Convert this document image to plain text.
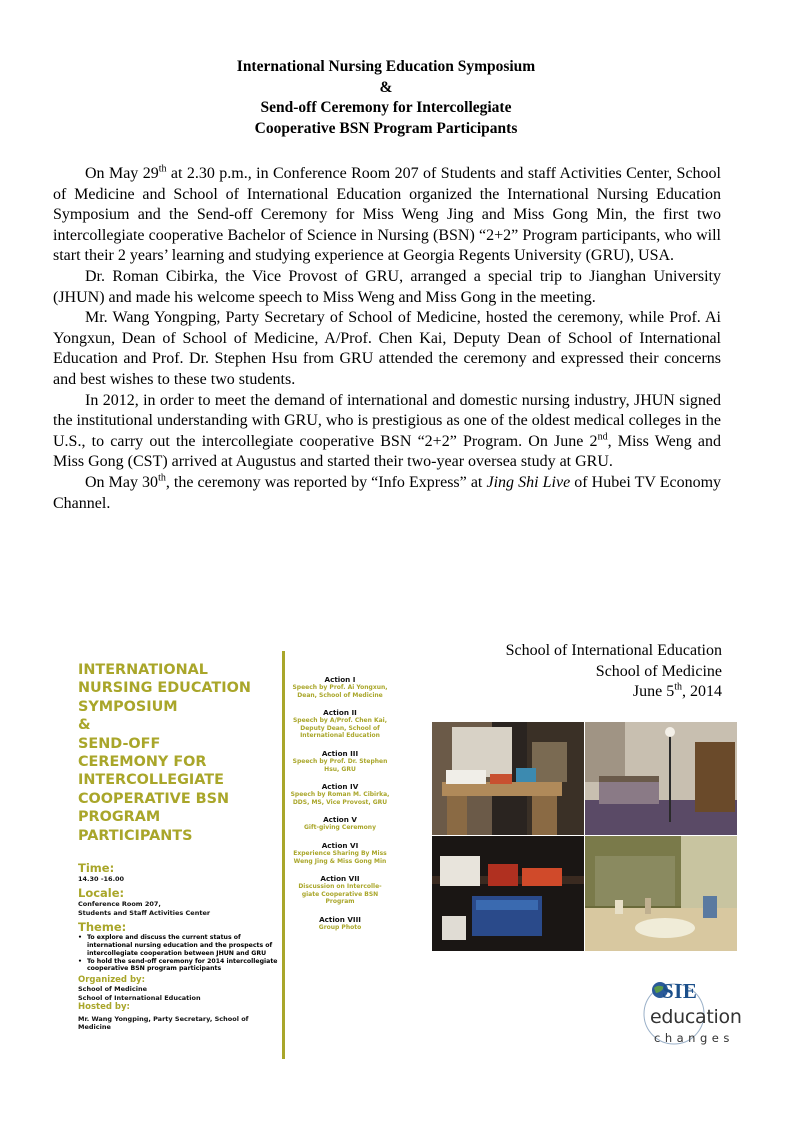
International Nursing Education Symposium
&
Send-off Ceremony for Intercollegiate
Cooperative BSN Program Participants

On May 29th at 2.30 p.m., in Conference Room 207 of Students and staff Activities Center, School of Medicine and School of International Education organized the International Nursing Education Symposium and the Send-off Ceremony for Miss Weng Jing and Miss Gong Min, the first two intercollegiate cooperative Bachelor of Science in Nursing (BSN) “2+2” Program participants, who will start their 2 years’ learning and studying experience at Georgia Regents University (GRU), USA.

Dr. Roman Cibirka, the Vice Provost of GRU, arranged a special trip to Jianghan University (JHUN) and made his welcome speech to Miss Weng and Miss Gong in the meeting.

Mr. Wang Yongping, Party Secretary of School of Medicine, hosted the ceremony, while Prof. Ai Yongxun, Dean of School of Medicine, A/Prof. Chen Kai, Deputy Dean of School of International Education and Prof. Dr. Stephen Hsu from GRU attended the ceremony and expressed their concerns and best wishes to these two students.

In 2012, in order to meet the demand of international and domestic nursing industry, JHUN signed the institutional understanding with GRU, who is prestigious as one of the oldest medical colleges in the U.S., to carry out the intercollegiate cooperative BSN “2+2” Program. On June 2nd, Miss Weng and Miss Gong (CST) arrived at Augustus and started their two-year oversea study at GRU.

On May 30th, the ceremony was reported by “Info Express” at Jing Shi Live of Hubei TV Economy Channel.

School of International Education
School of Medicine
June 5th, 2014
INTERNATIONAL
NURSING EDUCATION
SYMPOSIUM
&
SEND-OFF
CEREMONY FOR
INTERCOLLEGIATE
COOPERATIVE BSN
PROGRAM
PARTICIPANTS
Time:
14.30 -16.00
Locale:
Conference Room 207,
Students and Staff Activities Center
Theme:
• To explore and discuss the current status of international nursing education and the prospects of intercollegiate cooperation between JHUN and GRU
• To hold the send-off ceremony for 2014 intercollegiate cooperative BSN program participants
Organized by:
School of Medicine
School of International Education
Hosted by:
Mr. Wang Yongping, Party Secretary, School of Medicine
Action I
Speech by Prof. Ai Yongxun, Dean, School of Medicine
Action II
Speech by A/Prof. Chen Kai, Deputy Dean, School of International Education
Action III
Speech by Prof. Dr. Stephen Hsu, GRU
Action IV
Speech by Roman M. Cibirka, DDS, MS, Vice Provost, GRU
Action V
Gift-giving Ceremony
Action VI
Experience Sharing By Miss Weng Jing & Miss Gong Min
Action VII
Discussion on Intercolle-giate Cooperative BSN Program
Action VIII
Group Photo
SIE
education
changes
